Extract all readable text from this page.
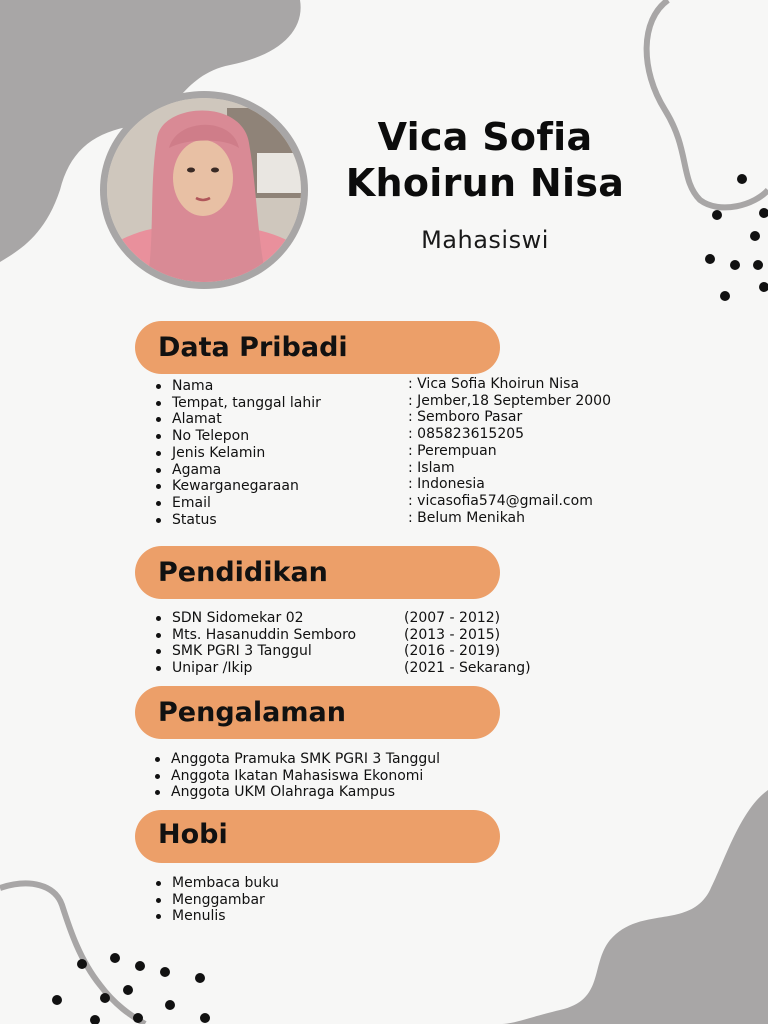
Vica Sofia
Khoirun Nisa
Mahasiswi
Data Pribadi
Nama
Tempat, tanggal lahir
Alamat
No Telepon
Jenis Kelamin
Agama
Kewarganegaraan
Email
Status
: Vica Sofia Khoirun Nisa
: Jember,18 September 2000
: Semboro Pasar
: 085823615205
: Perempuan
: Islam
: Indonesia
: vicasofia574@gmail.com
: Belum Menikah
Pendidikan
SDN Sidomekar 02
Mts. Hasanuddin Semboro
SMK PGRI 3 Tanggul
Unipar /Ikip
(2007 - 2012)
(2013 - 2015)
(2016 - 2019)
(2021 - Sekarang)
Pengalaman
Anggota Pramuka SMK PGRI 3 Tanggul
Anggota Ikatan Mahasiswa Ekonomi
Anggota UKM Olahraga Kampus
Hobi
Membaca buku
Menggambar
Menulis
